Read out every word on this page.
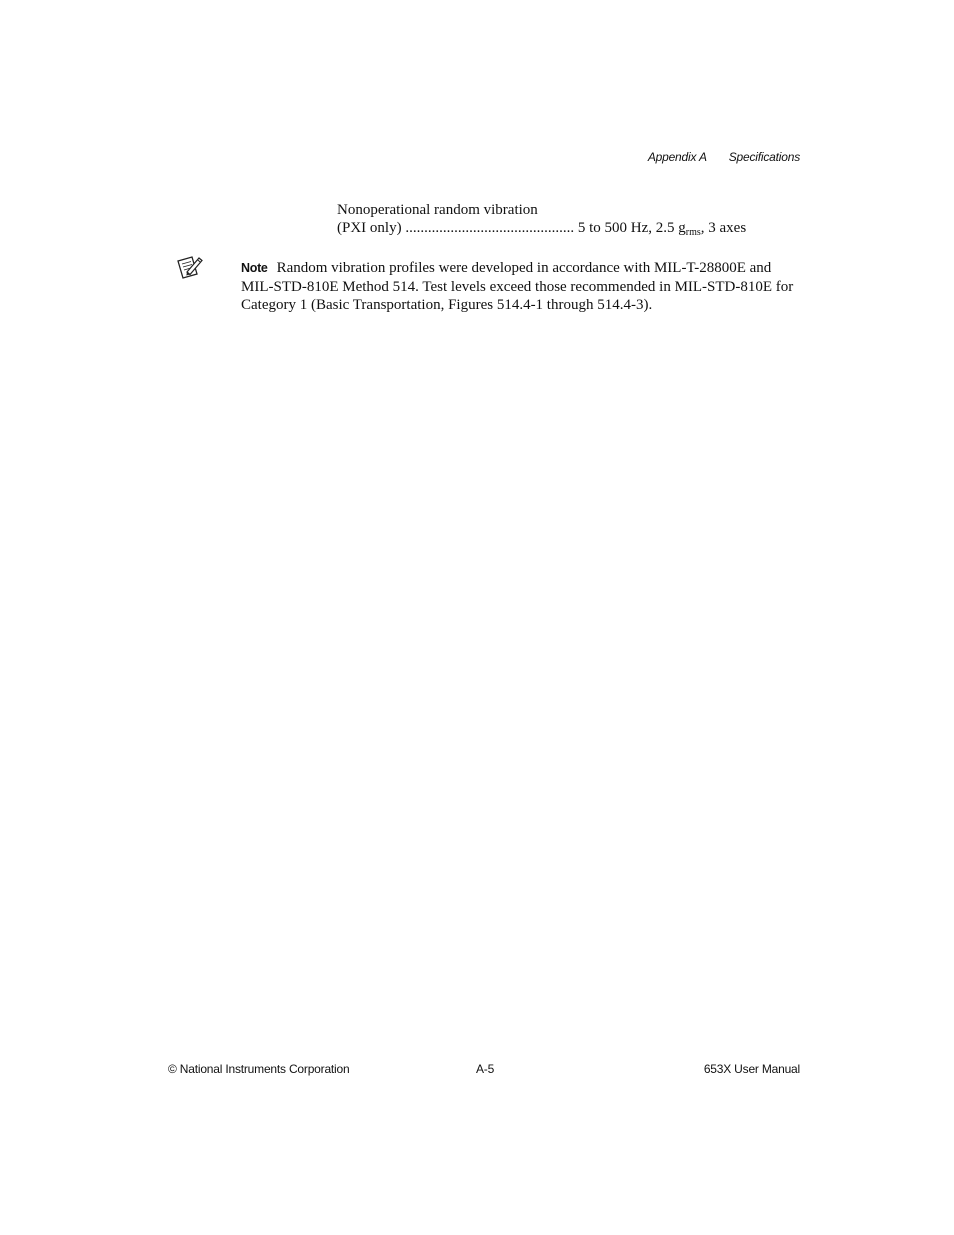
Appendix A Specifications
Nonoperational random vibration
(PXI only) ............................................. 5 to 500 Hz, 2.5 $g_{rms}$, 3 axes
Note Random vibration profiles were developed in accordance with MIL-T-28800E and MIL-STD-810E Method 514. Test levels exceed those recommended in MIL-STD-810E for Category 1 (Basic Transportation, Figures 514.4-1 through 514.4-3).
© National Instruments Corporation	A-5	653X User Manual
